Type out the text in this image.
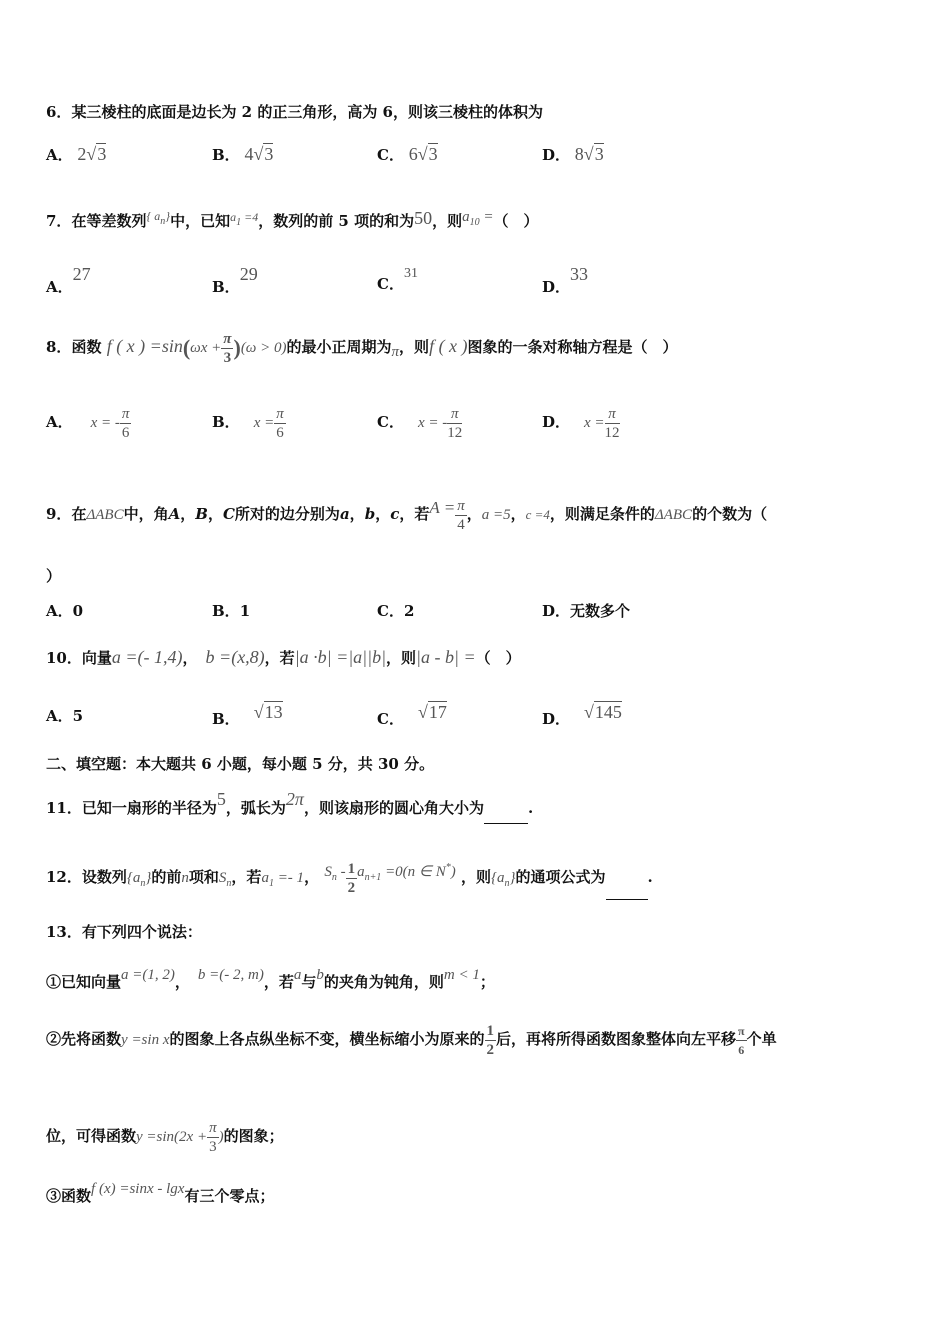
6．某三棱柱的底面是边长为 2 的正三角形，高为 6，则该三棱柱的体积为
A． 2√3	B． 4√3	C． 6√3	D． 8√3
7．在等差数列$^{\{ a_n\}}$中，已知$^{a_1 =4}$，数列的前 5 项的和为50，则$a_{10}$ =（　）
A．27
B．29	C．31
D．33
8．函数 f ( x ) $=\sin(\omega x + \frac{\pi}{3} )(\omega > 0)$的最小正周期为π，则f ( x )图象的一条对称轴方程是（　）
A． x = - $\frac{\pi}{6}$	B． $x = \frac{\pi}{6}$	C． x = - $\frac{\pi}{12}$	D． $x = \frac{\pi}{12}$
9．在ΔABC中，角A，B，C所对的边分别为a，b，c，若$A = \frac{\pi}{4}$ ，a =5，c =4，则满足条件的ΔABC的个数为（
）
A．0	B．1	C．2	D．无数多个
10．向量a =(- 1,4)， b =(x,8)，若|a ·b| =|a||b|，则|a - b| =（　）
A．5	B． √13	C． √17	D． √145
二、填空题：本大题共 6 小题，每小题 5 分，共 30 分。
11．已知一扇形的半径为5，弧长为2π，则该扇形的圆心角大小为	.
12．设数列$\{a_n\}$的前n项和$S_n$，若$a_1 =- 1$， $S_n - \frac{1}{2} a_{n+1} =0(n$ ∈ N*) ，则$\{a_n\}$的通项公式为	.
13．有下列四个说法：
①已知向量a =(1, 2)， b =(- 2, m)，若a与b的夹角为钝角，则m < 1；
②先将函数y =sin x的图象上各点纵坐标不变，横坐标缩小为原来的 $\frac{1}{2}$ 后，再将所得函数图象整体向左平移 $\frac{\pi}{6}$ 个单
位，可得函数$y =\sin(2x + \frac{\pi}{3}$ )的图象；
③函数f (x) =sinx - lgx有三个零点；
